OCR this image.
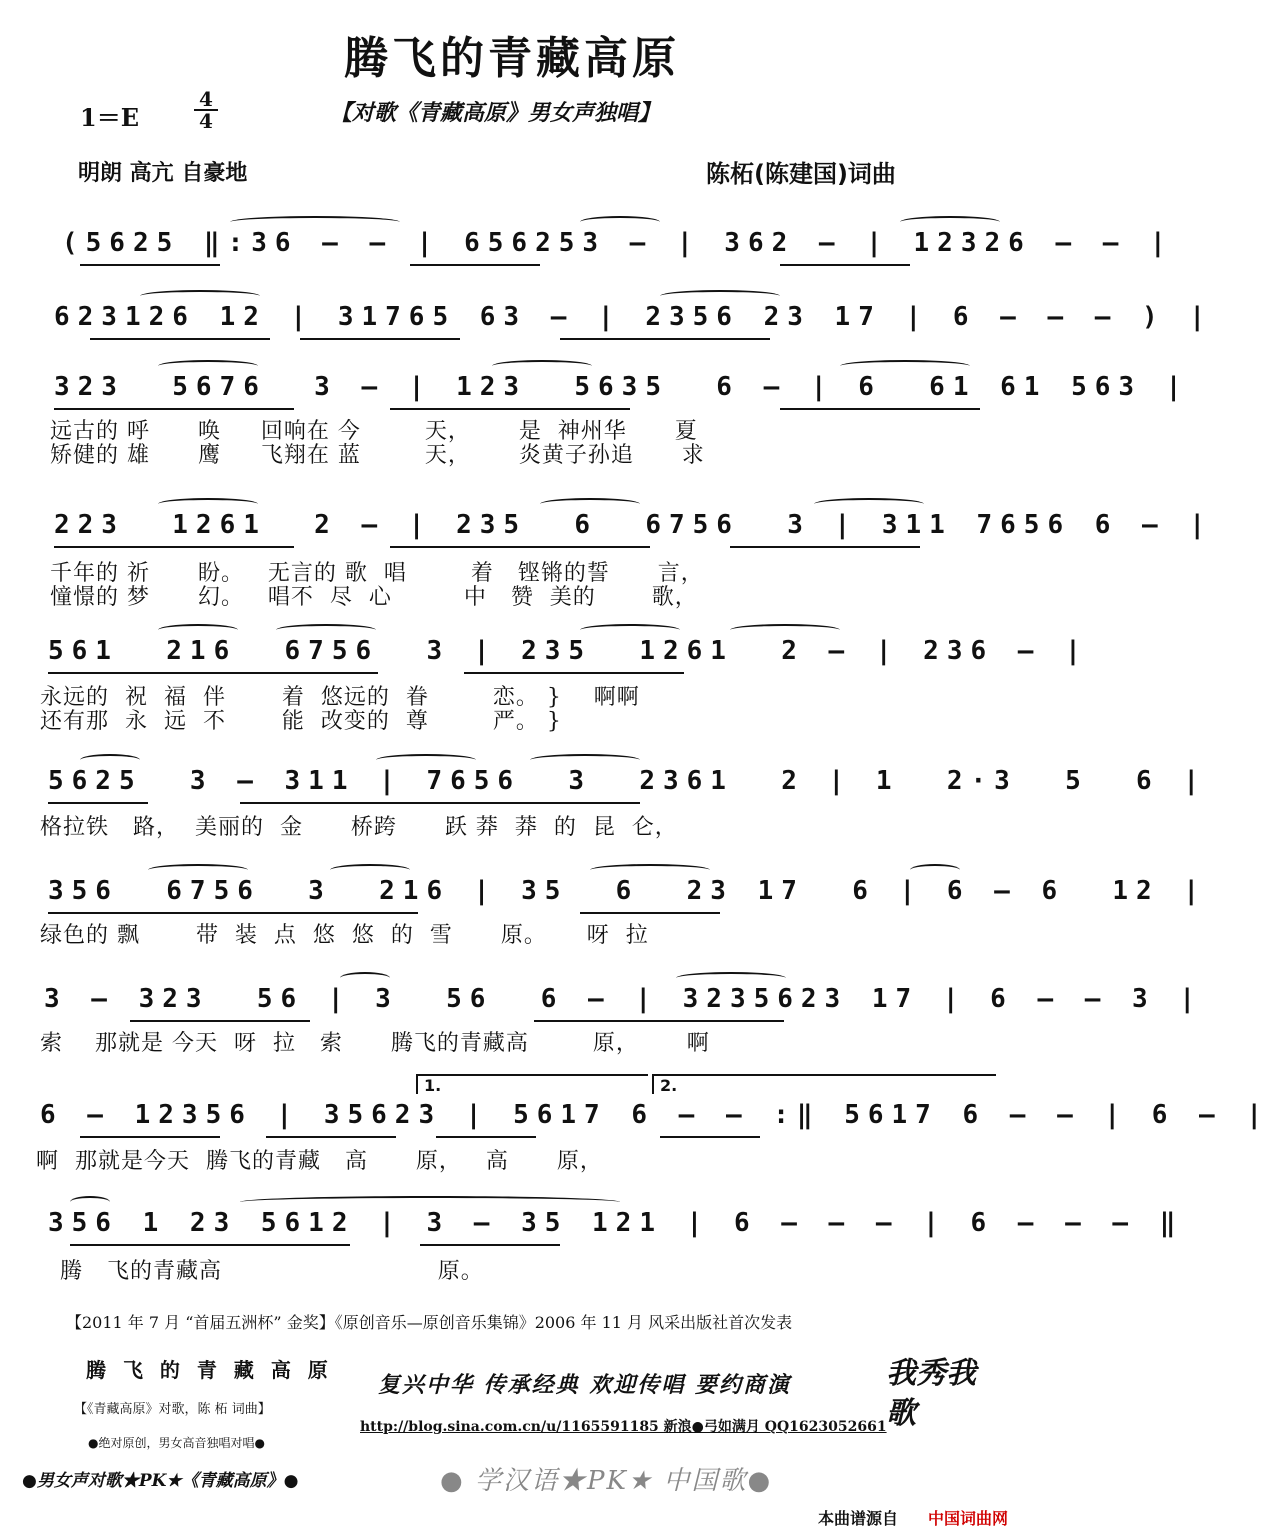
腾飞的青藏高原
1＝E
4
4	【对歌《青藏高原》男女声独唱】
明朗 高亢 自豪地	陈柘(陈建国)词曲
(5625 ‖:36 — — | 656253 — | 362 — | 12326 — — |
623126 12 | 31765 63 — | 2356 23 17 | 6 — — — ) |
323  5676  3 — | 123  5635  6 — | 6  61 61 563 |
远古的 呼      唤     回响在 今        天，      是  神州华      夏
矫健的 雄      鹰     飞翔在 蓝        天，      炎黄子孙追      求
223  1261  2 — | 235  6  6756  3 | 311 7656 6 — |
千年的 祈      盼。   无言的 歌  唱        着   铿锵的誓      言，
憧憬的 梦      幻。   唱不  尽  心         中   赞  美的       歌，
561  216  6756  3 | 235  1261  2 — | 236 — |
永远的  祝  福  伴       着  悠远的  眷        恋。 }    啊啊
还有那  永  远  不       能  改变的  尊        严。 }
5625  3 — 311 | 7656  3  2361  2 | 1  2·3  5  6 |
格拉铁   路，  美丽的  金      桥跨      跃 莽  莽  的  昆  仑，
356  6756  3  216 | 35  6  23 17  6 | 6 — 6  12 |
绿色的 飘       带  装  点  悠  悠  的  雪      原。     呀  拉
3 — 323  56 | 3  56  6 — | 3235623 17 | 6 — — 3 |
索    那就是 今天  呀  拉   索      腾飞的青藏高        原，      啊
1.	2.
6 — 12356 | 35623 | 5617 6 — — :‖ 5617 6 — — | 6 — |
啊  那就是今天  腾飞的青藏   高      原，   高      原，
356 1 23 5612 | 3 — 35 121 | 6 — — — | 6 — — — ‖
腾   飞的青藏高                           原。
【2011 年 7 月 “首届五洲杯” 金奖】《原创音乐—原创音乐集锦》2006 年 11 月 风采出版社首次发表
腾 飞 的 青 藏 高 原
【《青藏高原》对歌，陈 柘 词曲】
●绝对原创，男女高音独唱对唱●
复兴中华 传承经典 欢迎传唱 要约商演	我秀我歌
http://blog.sina.com.cn/u/1165591185 新浪●弓如满月 QQ1623052661
●男女声对歌★PK★《青藏高原》●	● 学汉语★PK★ 中国歌●
本曲谱源自 中国词曲网
